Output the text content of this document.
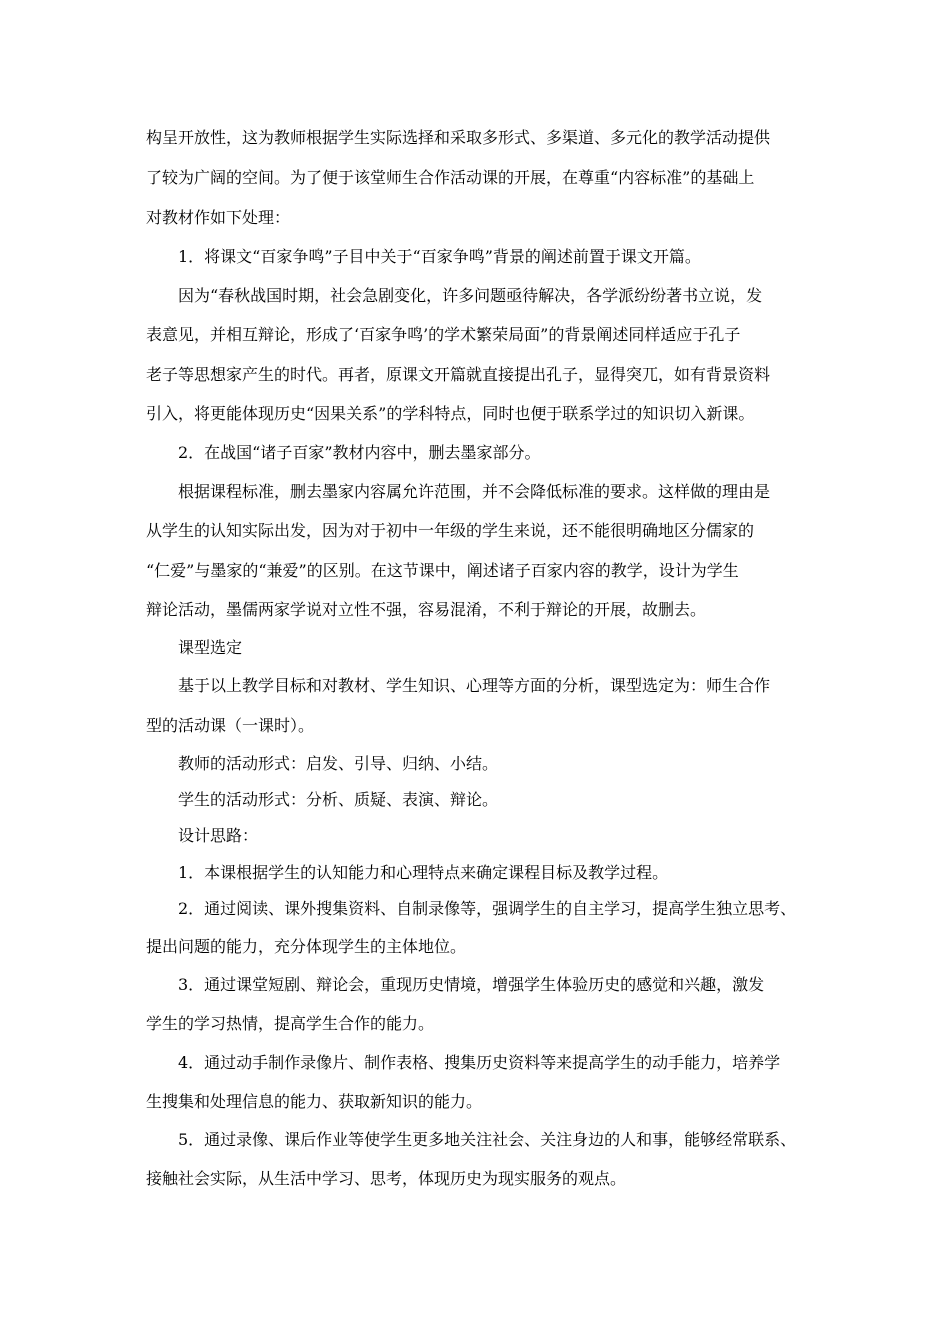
构呈开放性，这为教师根据学生实际选择和采取多形式、多渠道、多元化的教学活动提供
了较为广阔的空间。为了便于该堂师生合作活动课的开展，在尊重“内容标准”的基础上
对教材作如下处理：
1．将课文“百家争鸣”子目中关于“百家争鸣”背景的阐述前置于课文开篇。
因为“春秋战国时期，社会急剧变化，许多问题亟待解决，各学派纷纷著书立说，发
表意见，并相互辩论，形成了‘百家争鸣’的学术繁荣局面”的背景阐述同样适应于孔子
老子等思想家产生的时代。再者，原课文开篇就直接提出孔子，显得突兀，如有背景资料
引入，将更能体现历史“因果关系”的学科特点，同时也便于联系学过的知识切入新课。
2．在战国“诸子百家”教材内容中，删去墨家部分。
根据课程标准，删去墨家内容属允许范围，并不会降低标准的要求。这样做的理由是
从学生的认知实际出发，因为对于初中一年级的学生来说，还不能很明确地区分儒家的
“仁爱”与墨家的“兼爱”的区别。在这节课中，阐述诸子百家内容的教学，设计为学生
辩论活动，墨儒两家学说对立性不强，容易混淆，不利于辩论的开展，故删去。
课型选定
基于以上教学目标和对教材、学生知识、心理等方面的分析，课型选定为：师生合作
型的活动课（一课时）。
教师的活动形式：启发、引导、归纳、小结。
学生的活动形式：分析、质疑、表演、辩论。
设计思路：
1．本课根据学生的认知能力和心理特点来确定课程目标及教学过程。
2．通过阅读、课外搜集资料、自制录像等，强调学生的自主学习，提高学生独立思考、
提出问题的能力，充分体现学生的主体地位。
3．通过课堂短剧、辩论会，重现历史情境，增强学生体验历史的感觉和兴趣，激发
学生的学习热情，提高学生合作的能力。
4．通过动手制作录像片、制作表格、搜集历史资料等来提高学生的动手能力，培养学
生搜集和处理信息的能力、获取新知识的能力。
5．通过录像、课后作业等使学生更多地关注社会、关注身边的人和事，能够经常联系、
接触社会实际，从生活中学习、思考，体现历史为现实服务的观点。
